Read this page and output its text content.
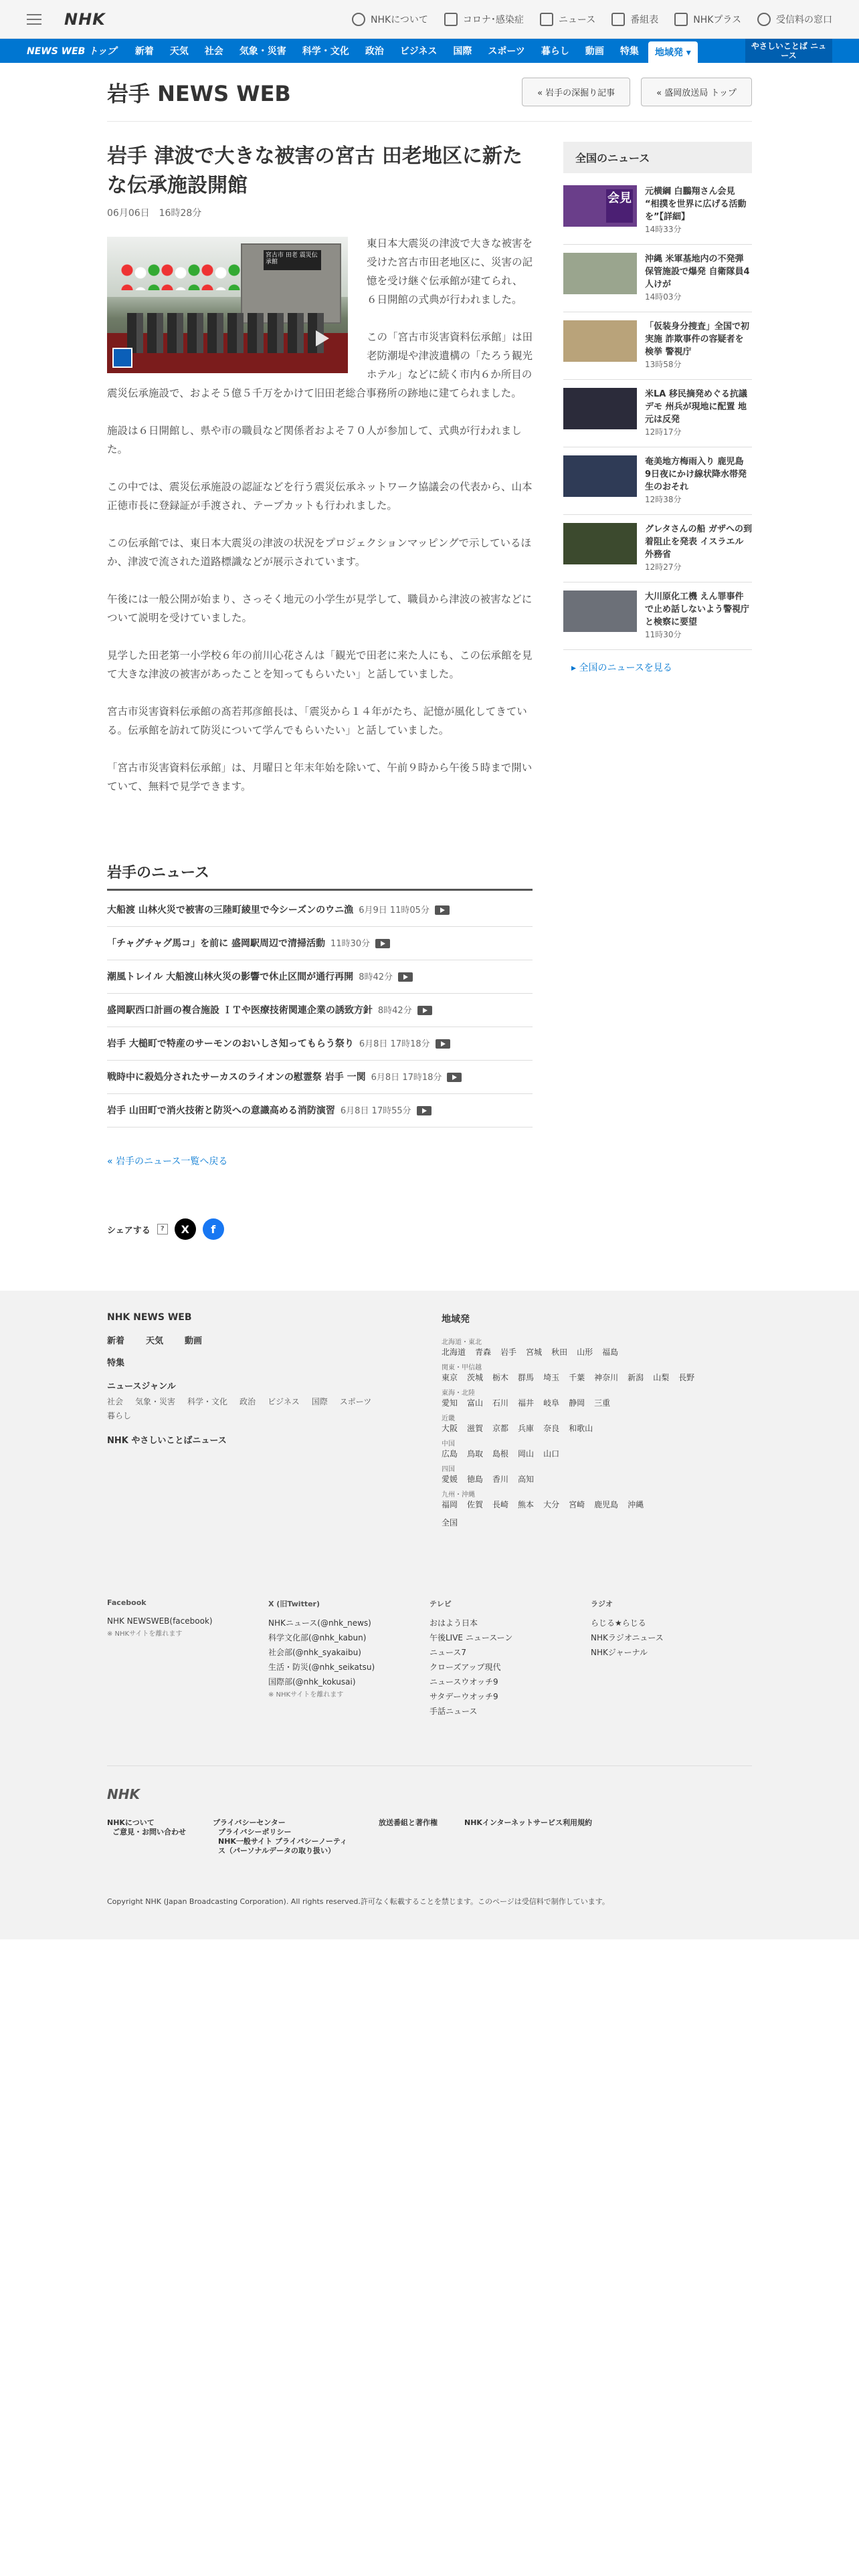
NHK	NHKについて	コロナ･感染症	ニュース	番組表	NHKプラス	受信料の窓口
NEWS WEB トップ	新着	天気	社会	気象・災害	科学・文化	政治	ビジネス	国際	スポーツ	暮らし	動画	特集	地域発 ▾
やさしいことば ニュース
岩手 NEWS WEB	« 岩手の深掘り記事	« 盛岡放送局 トップ
岩手 津波で大きな被害の宮古 田老地区に新たな伝承施設開館
06月06日 16時28分
宮古市 田老 震災伝承館

東日本大震災の津波で大きな被害を受けた宮古市田老地区に、災害の記憶を受け継ぐ伝承館が建てられ、６日開館の式典が行われました。

この「宮古市災害資料伝承館」は田老防潮堤や津波遺構の「たろう観光ホテル」などに続く市内６か所目の震災伝承施設で、およそ５億５千万をかけて旧田老総合事務所の跡地に建てられました。

施設は６日開館し、県や市の職員など関係者およそ７０人が参加して、式典が行われました。

この中では、震災伝承施設の認証などを行う震災伝承ネットワーク協議会の代表から、山本正徳市長に登録証が手渡され、テープカットも行われました。

この伝承館では、東日本大震災の津波の状況をプロジェクションマッピングで示しているほか、津波で流された道路標識などが展示されています。

午後には一般公開が始まり、さっそく地元の小学生が見学して、職員から津波の被害などについて説明を受けていました。

見学した田老第一小学校６年の前川心花さんは「観光で田老に来た人にも、この伝承館を見て大きな津波の被害があったことを知ってもらいたい」と話していました。

宮古市災害資料伝承館の髙若邦彦館長は、「震災から１４年がたち、記憶が風化してきている。伝承館を訪れて防災について学んでもらいたい」と話していました。

「宮古市災害資料伝承館」は、月曜日と年末年始を除いて、午前９時から午後５時まで開いていて、無料で見学できます。

岩手のニュース
大船渡 山林火災で被害の三陸町綾里で今シーズンのウニ漁 6月9日 11時05分
「チャグチャグ馬コ」を前に 盛岡駅周辺で清掃活動 11時30分
潮風トレイル 大船渡山林火災の影響で休止区間が通行再開 8時42分
盛岡駅西口計画の複合施設 ＩＴや医療技術関連企業の誘致方針 8時42分
岩手 大槌町で特産のサーモンのおいしさ知ってもらう祭り 6月8日 17時18分
戦時中に殺処分されたサーカスのライオンの慰霊祭 岩手 一関 6月8日 17時18分
岩手 山田町で消火技術と防災への意識高める消防演習 6月8日 17時55分
« 岩手のニュース一覧へ戻る
シェアする	?	X	f
全国のニュース
会見 元横綱 白鵬翔さん会見 “相撲を世界に広げる活動を”【詳細】
14時33分
沖縄 米軍基地内の不発弾保管施設で爆発 自衛隊員4人けが
14時03分
「仮装身分捜査」全国で初実施 詐欺事件の容疑者を検挙 警視庁
13時58分
米LA 移民摘発めぐる抗議デモ 州兵が現地に配置 地元は反発
12時17分
奄美地方梅雨入り 鹿児島 9日夜にかけ線状降水帯発生のおそれ
12時38分
グレタさんの船 ガザへの到着阻止を発表 イスラエル外務省
12時27分
大川原化工機 えん罪事件で止め話しないよう警視庁と検察に要望
11時30分
▸ 全国のニュースを見る
NHK NEWS WEB
新着 天気 動画
特集
ニュースジャンル
社会 気象・災害 科学・文化 政治 ビジネス 国際 スポーツ
暮らし
NHK やさしいことばニュース
地域発
北海道・東北
北海道 青森 岩手 宮城 秋田 山形 福島
関東・甲信越
東京 茨城 栃木 群馬 埼玉 千葉 神奈川 新潟 山梨 長野
東海・北陸
愛知 富山 石川 福井 岐阜 静岡 三重
近畿
大阪 滋賀 京都 兵庫 奈良 和歌山
中国
広島 鳥取 島根 岡山 山口
四国
愛媛 徳島 香川 高知
九州・沖縄
福岡 佐賀 長崎 熊本 大分 宮崎 鹿児島 沖縄
全国
Facebook
NHK NEWSWEB(facebook)
※ NHKサイトを離れます
X (旧Twitter)
NHKニュース(@nhk_news)
科学文化部(@nhk_kabun)
社会部(@nhk_syakaibu)
生活・防災(@nhk_seikatsu)
国際部(@nhk_kokusai)
※ NHKサイトを離れます
テレビ
おはよう日本
午後LIVE ニュースーン
ニュース7
クローズアップ現代
ニュースウオッチ9
サタデーウオッチ9
手話ニュース
ラジオ
らじる★らじる
NHKラジオニュース
NHKジャーナル
NHK
NHKについて
ご意見・お問い合わせ
プライバシーセンター
プライバシーポリシー
NHK一般サイト プライバシーノーティス（パーソナルデータの取り扱い）
放送番組と著作権	NHKインターネットサービス利用規約
Copyright NHK (Japan Broadcasting Corporation). All rights reserved.許可なく転載することを禁じます。このページは受信料で制作しています。
